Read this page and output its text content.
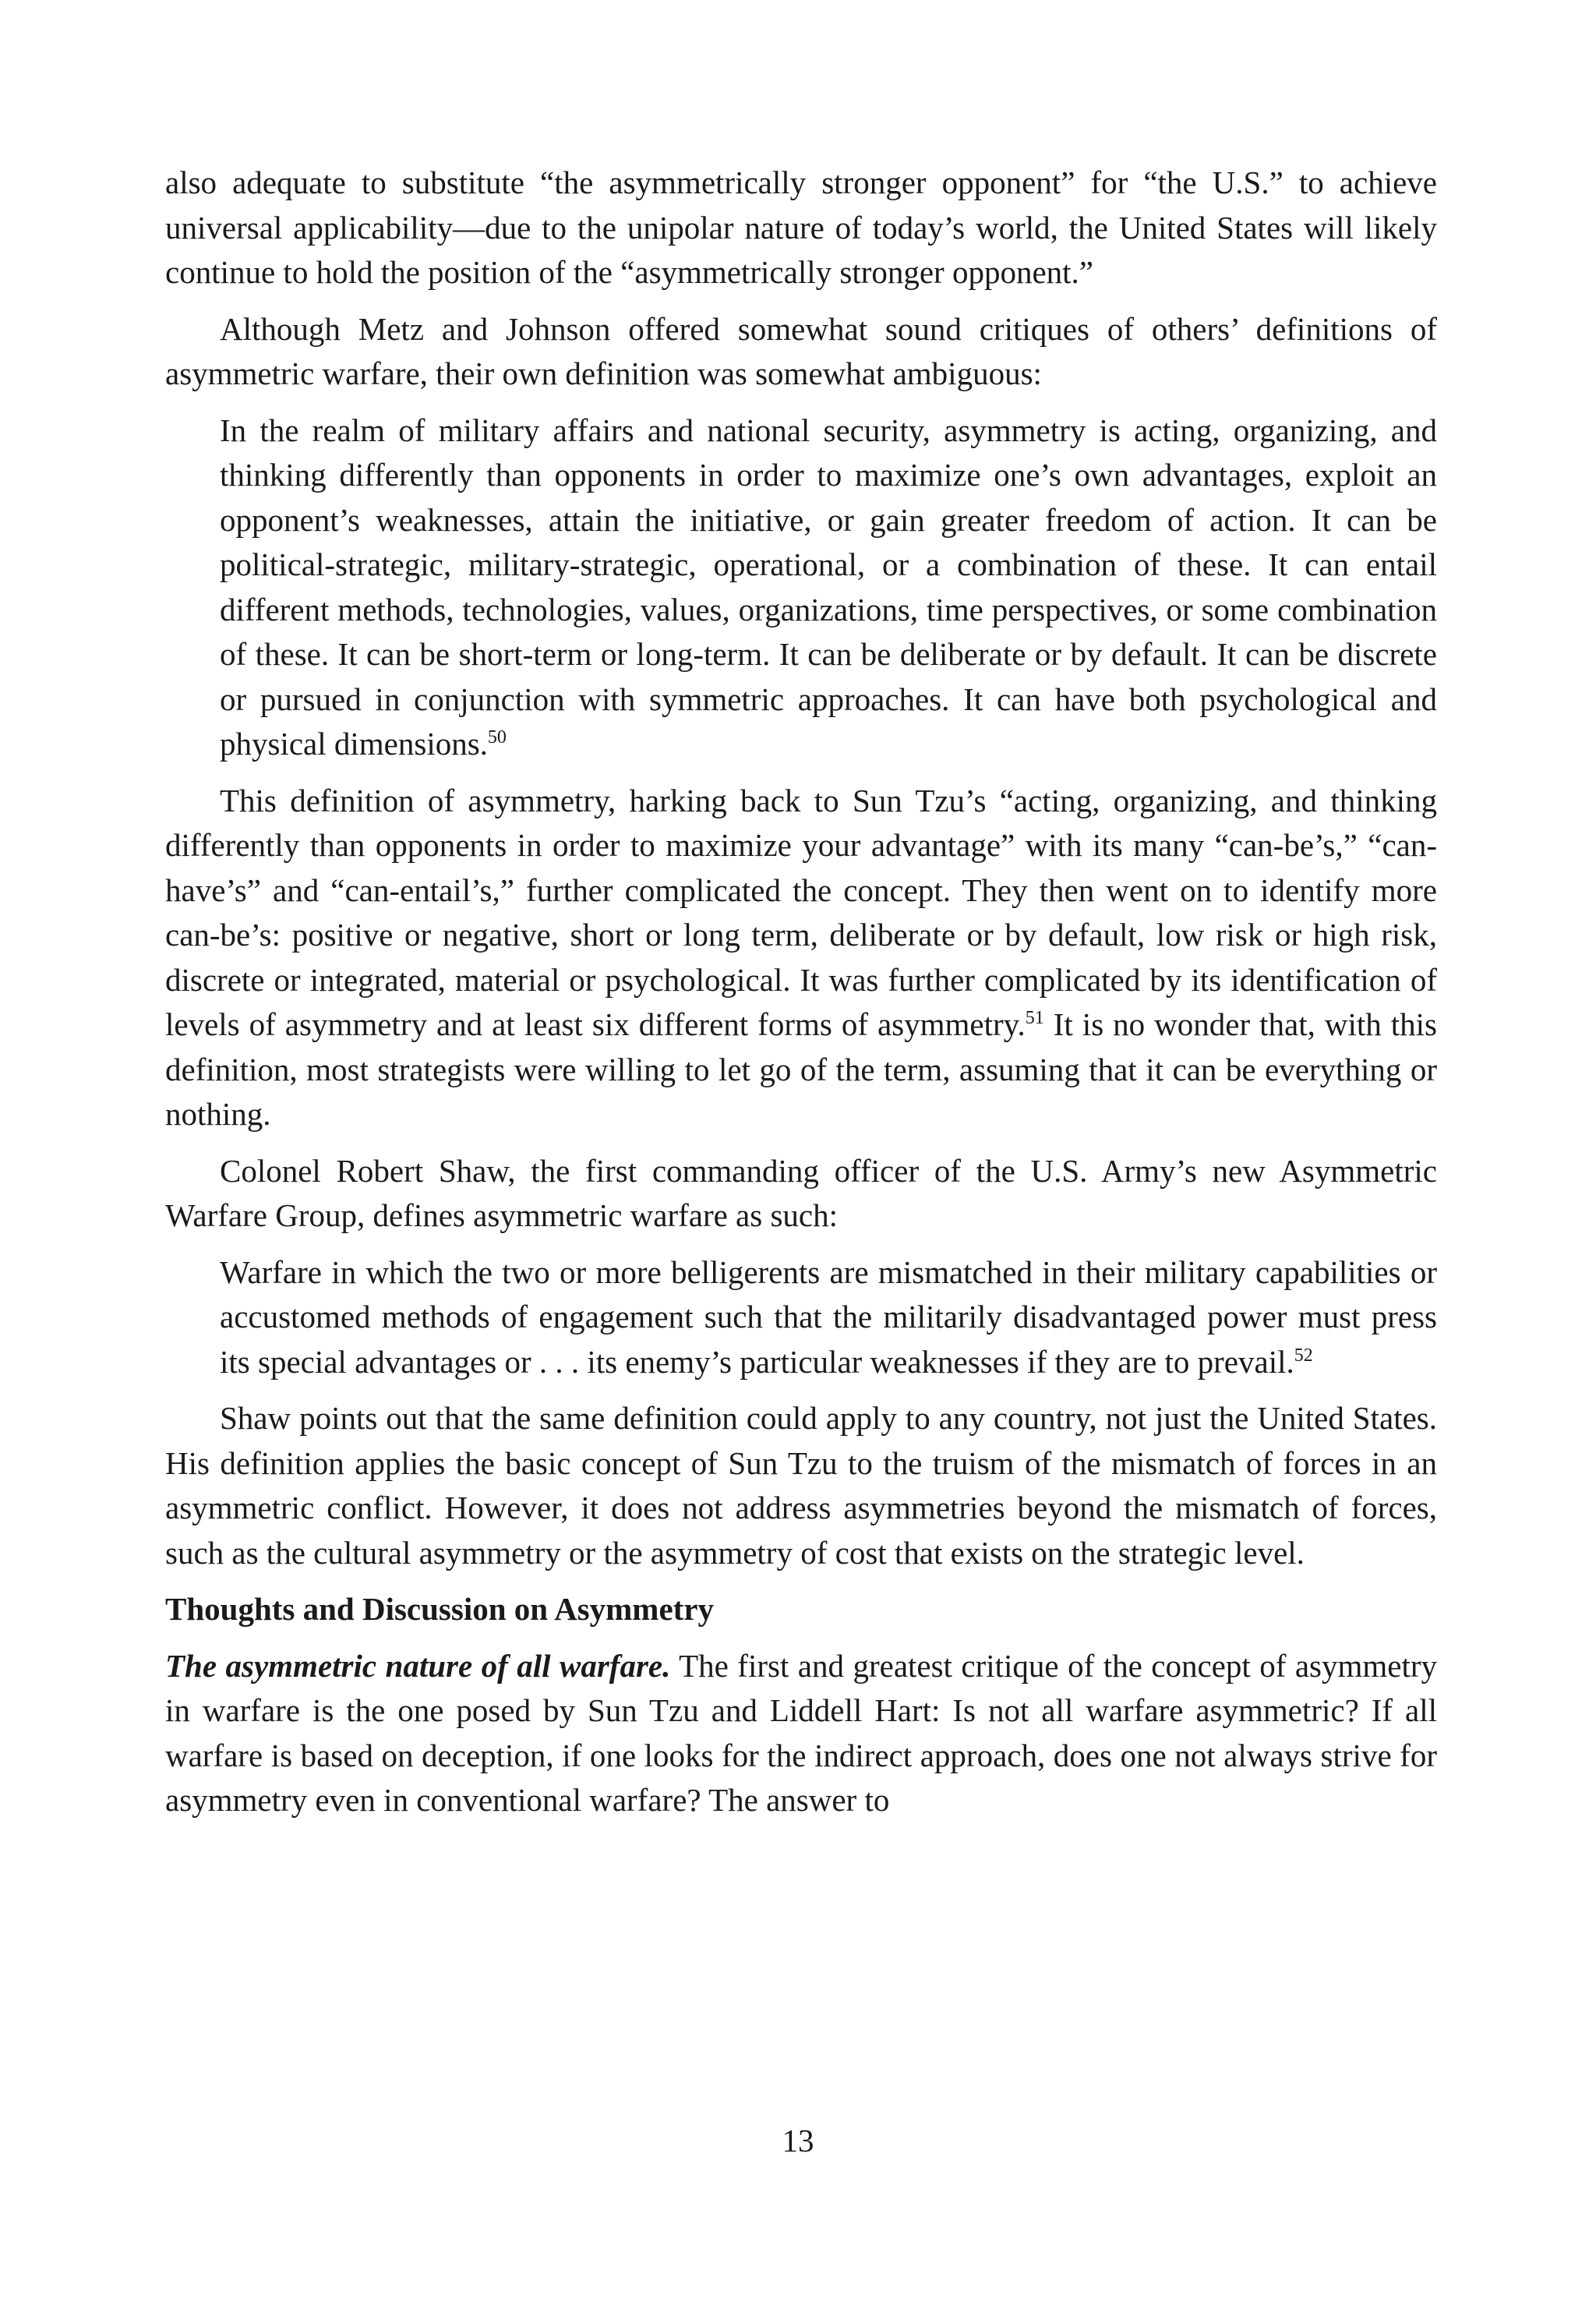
also adequate to substitute “the asymmetrically stronger opponent” for “the U.S.” to achieve universal applicability—due to the unipolar nature of today’s world, the United States will likely continue to hold the position of the “asymmetrically stronger opponent.”

Although Metz and Johnson offered somewhat sound critiques of others’ definitions of asymmetric warfare, their own definition was somewhat ambiguous:

In the realm of military affairs and national security, asymmetry is acting, organizing, and thinking differently than opponents in order to maximize one’s own advantages, exploit an opponent’s weaknesses, attain the initiative, or gain greater freedom of action. It can be political-strategic, military-strategic, operational, or a combination of these. It can entail different methods, technologies, values, organizations, time perspectives, or some combination of these. It can be short-term or long-term. It can be deliberate or by default. It can be discrete or pursued in conjunction with symmetric approaches. It can have both psychological and physical dimensions.$^{50}$

This definition of asymmetry, harking back to Sun Tzu’s “acting, organizing, and thinking differently than opponents in order to maximize your advantage” with its many “can-be’s,” “can-have’s” and “can-entail’s,” further complicated the concept. They then went on to identify more can-be’s: positive or negative, short or long term, deliberate or by default, low risk or high risk, discrete or integrated, material or psychological. It was further complicated by its identification of levels of asymmetry and at least six different forms of asymmetry.$^{51}$ It is no wonder that, with this definition, most strategists were willing to let go of the term, assuming that it can be everything or nothing.

Colonel Robert Shaw, the first commanding officer of the U.S. Army’s new Asymmetric Warfare Group, defines asymmetric warfare as such:

Warfare in which the two or more belligerents are mismatched in their military capabilities or accustomed methods of engagement such that the militarily disadvantaged power must press its special advantages or . . . its enemy’s particular weaknesses if they are to prevail.$^{52}$

Shaw points out that the same definition could apply to any country, not just the United States. His definition applies the basic concept of Sun Tzu to the truism of the mismatch of forces in an asymmetric conflict. However, it does not address asymmetries beyond the mismatch of forces, such as the cultural asymmetry or the asymmetry of cost that exists on the strategic level.

Thoughts and Discussion on Asymmetry

The asymmetric nature of all warfare. The first and greatest critique of the concept of asymmetry in warfare is the one posed by Sun Tzu and Liddell Hart: Is not all warfare asymmetric? If all warfare is based on deception, if one looks for the indirect approach, does one not always strive for asymmetry even in conventional warfare? The answer to

13
